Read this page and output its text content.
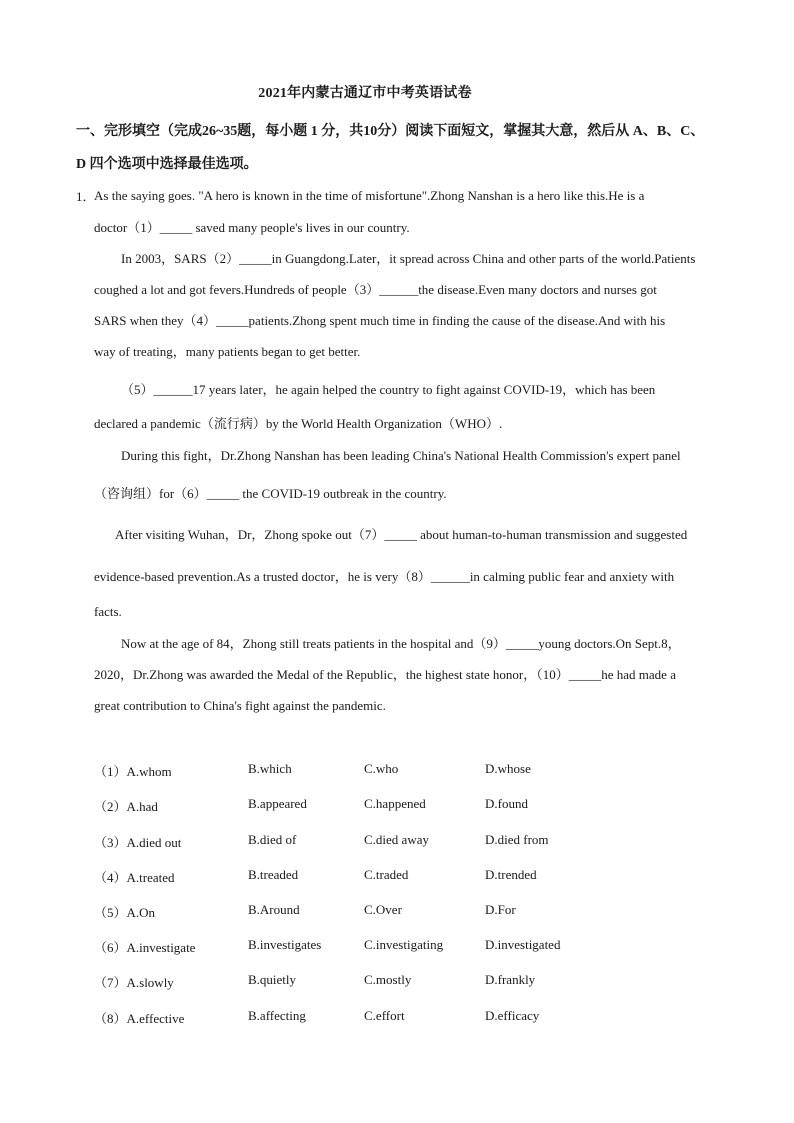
2021年内蒙古通辽市中考英语试卷
一、完形填空（完成26~35题，每小题 1 分，共10分）阅读下面短文，掌握其大意，然后从 A、B、C、
D 四个选项中选择最佳选项。
1．
As the saying goes. "A hero is known in the time of misfortune".Zhong Nanshan is a hero like this.He is a
doctor（1）_____ saved many people's lives in our country.
In 2003，SARS（2）_____in Guangdong.Later，it spread across China and other parts of the world.Patients
coughed a lot and got fevers.Hundreds of people（3）______the disease.Even many doctors and nurses got
SARS when they（4）_____patients.Zhong spent much time in finding the cause of the disease.And with his
way of treating，many patients began to get better.
（5）______17 years later，he again helped the country to fight against COVID-19，which has been
declared a pandemic（流行病）by the World Health Organization（WHO）.
During this fight，Dr.Zhong Nanshan has been leading China's National Health Commission's expert panel
（咨询组）for（6）_____ the COVID-19 outbreak in the country.
After visiting Wuhan，Dr，Zhong spoke out（7）_____ about human-to-human transmission and suggested
evidence-based prevention.As a trusted doctor，he is very（8）______in calming public fear and anxiety with
facts.
Now at the age of 84，Zhong still treats patients in the hospital and（9）_____young doctors.On Sept.8，
2020，Dr.Zhong was awarded the Medal of the Republic，the highest state honor，（10）_____he had made a
great contribution to China's fight against the pandemic.
（1）A.whom	B.which	C.who	D.whose
（2）A.had	B.appeared	C.happened	D.found
（3）A.died out	B.died of	C.died away	D.died from
（4）A.treated	B.treaded	C.traded	D.trended
（5）A.On	B.Around	C.Over	D.For
（6）A.investigate	B.investigates	C.investigating	D.investigated
（7）A.slowly	B.quietly	C.mostly	D.frankly
（8）A.effective	B.affecting	C.effort	D.efficacy
